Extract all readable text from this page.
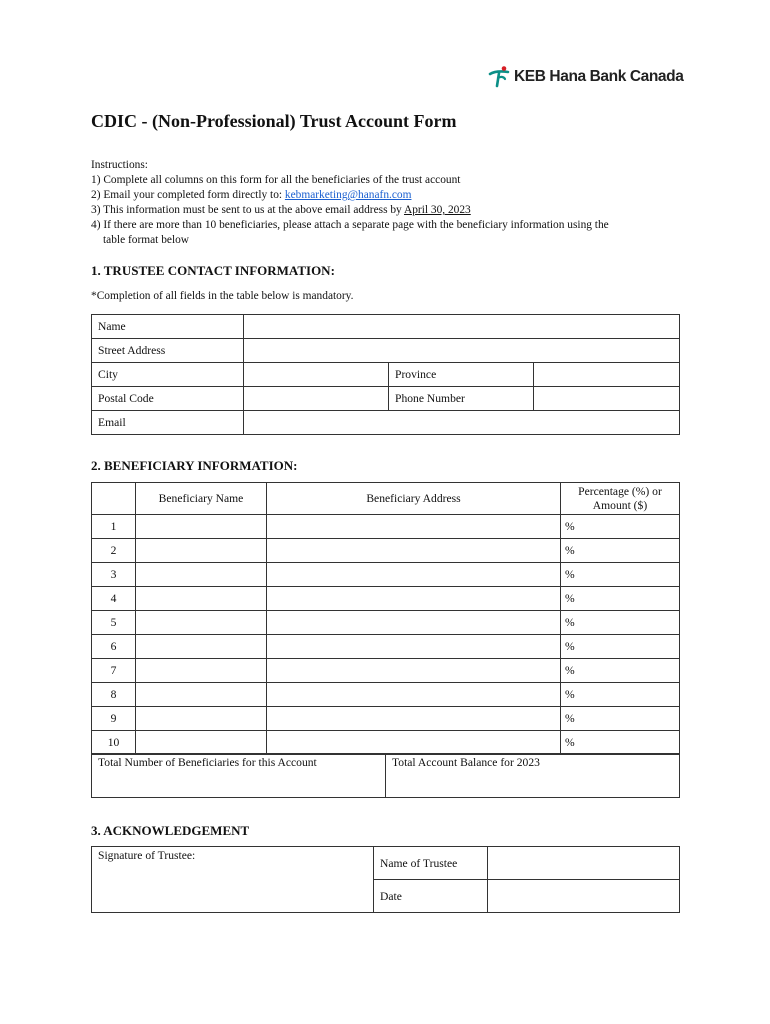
KEB Hana Bank Canada
CDIC - (Non-Professional) Trust Account Form
Instructions:
1) Complete all columns on this form for all the beneficiaries of the trust account
2) Email your completed form directly to: kebmarketing@hanafn.com
3) This information must be sent to us at the above email address by April 30, 2023
4) If there are more than 10 beneficiaries, please attach a separate page with the beneficiary information using the
table format below
1. TRUSTEE CONTACT INFORMATION:
*Completion of all fields in the table below is mandatory.
Name			
Street Address			
City		Province	
Postal Code		Phone Number	
Email			
2. BENEFICIARY INFORMATION:
	Beneficiary Name	Beneficiary Address	Percentage (%) or
Amount ($)

1			%
2			%
3			%
4			%
5			%
6			%
7			%
8			%
9			%
10			%
Total Number of Beneficiaries for this Account	Total Account Balance for 2023
3. ACKNOWLEDGEMENT
Signature of Trustee:	Name of Trustee	
	Date	
